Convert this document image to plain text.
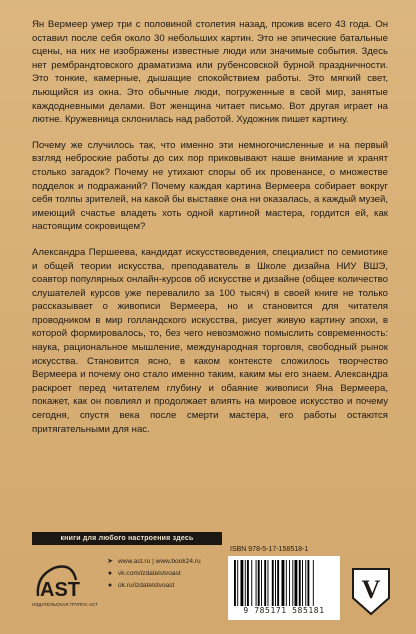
Ян Вермеер умер три с половиной столетия назад, прожив всего 43 года. Он оставил после себя около 30 небольших картин. Это не эпические батальные сцены, на них не изображены известные люди или значимые события. Здесь нет рембрандтовского драматизма или рубенсовской бурной праздничности. Это тонкие, камерные, дышащие спокойствием работы. Это мягкий свет, льющийся из окна. Это обычные люди, погруженные в свой мир, занятые каждодневными делами. Вот женщина читает письмо. Вот другая играет на лютне. Кружевница склонилась над работой. Художник пишет картину.

Почему же случилось так, что именно эти немногочисленные и на первый взгляд неброские работы до сих пор приковывают наше внимание и хранят столько загадок? Почему не утихают споры об их провенансе, о множестве подделок и подражаний? Почему каждая картина Вермеера собирает вокруг себя толпы зрителей, на какой бы выставке она ни оказалась, а каждый музей, имеющий счастье владеть хоть одной картиной мастера, гордится ей, как настоящим сокровищем?

Александра Першеева, кандидат искусствоведения, специалист по семиотике и общей теории искусства, преподаватель в Школе дизайна НИУ ВШЭ, соавтор популярных онлайн-курсов об искусстве и дизайне (общее количество слушателей курсов уже перевалило за 100 тысяч) в своей книге не только рассказывает о живописи Вермеера, но и становится для читателя проводником в мир голландского искусства, рисует живую картину эпохи, в которой формировалось, то, без чего невозможно помыслить современность: наука, рациональное мышление, международная торговля, свободный рынок искусства. Становится ясно, в каком контексте сложилось творчество Вермеера и почему оно стало именно таким, каким мы его знаем. Александра раскроет перед читателем глубину и обаяние живописи Яна Вермеера, покажет, как он повлиял и продолжает влиять на мировое искусство и почему сегодня, спустя века после смерти мастера, его работы остаются притягательными для нас.

книги для любого настроения здесь
AST
ИЗДАТЕЛЬСКАЯ ГРУППА АСТ
➤ www.ast.ru | www.book24.ru
● vk.com/izdatelstvoast
● ok.ru/izdatelstvoast
ISBN 978-5-17-158518-1
9 785171 585181
V
